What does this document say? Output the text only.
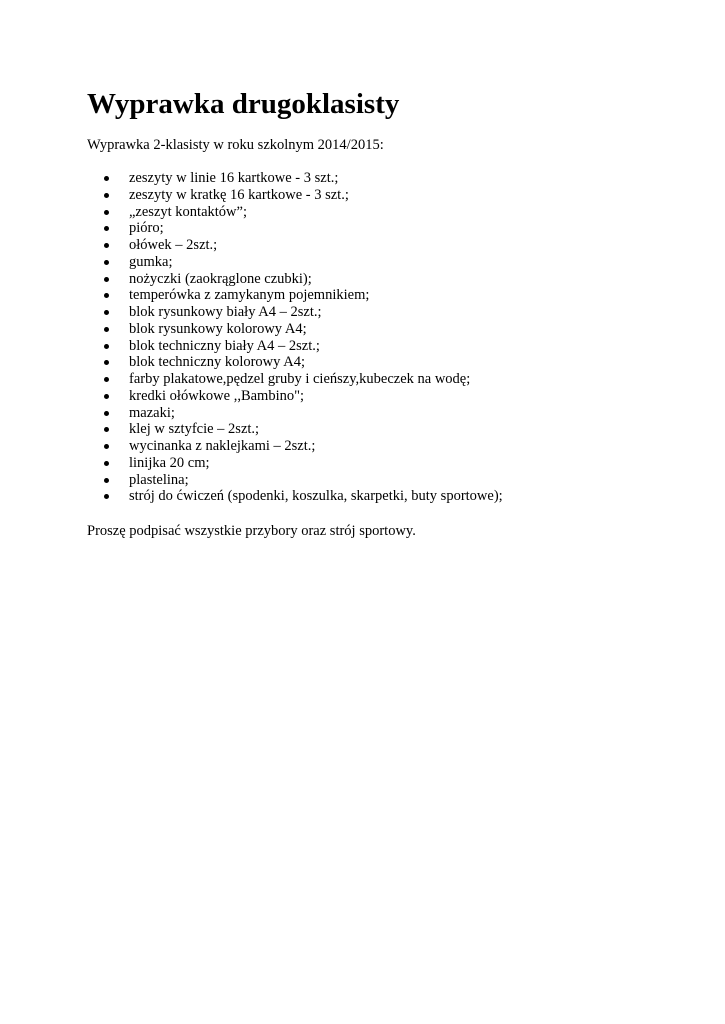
Wyprawka drugoklasisty

Wyprawka 2-klasisty w roku szkolnym 2014/2015:

zeszyty w linie 16 kartkowe - 3 szt.;
zeszyty w kratkę 16 kartkowe - 3 szt.;
„zeszyt kontaktów”;
pióro;
ołówek – 2szt.;
gumka;
nożyczki (zaokrąglone czubki);
temperówka z zamykanym pojemnikiem;
blok rysunkowy biały A4 – 2szt.;
blok rysunkowy kolorowy A4;
blok techniczny biały A4 – 2szt.;
blok techniczny kolorowy A4;
farby plakatowe,pędzel gruby i cieńszy,kubeczek na wodę;
kredki ołówkowe ,,Bambino";
mazaki;
klej w sztyfcie – 2szt.;
wycinanka z naklejkami – 2szt.;
linijka 20 cm;
plastelina;
strój do ćwiczeń (spodenki, koszulka, skarpetki, buty sportowe);

Proszę podpisać wszystkie przybory oraz strój sportowy.
